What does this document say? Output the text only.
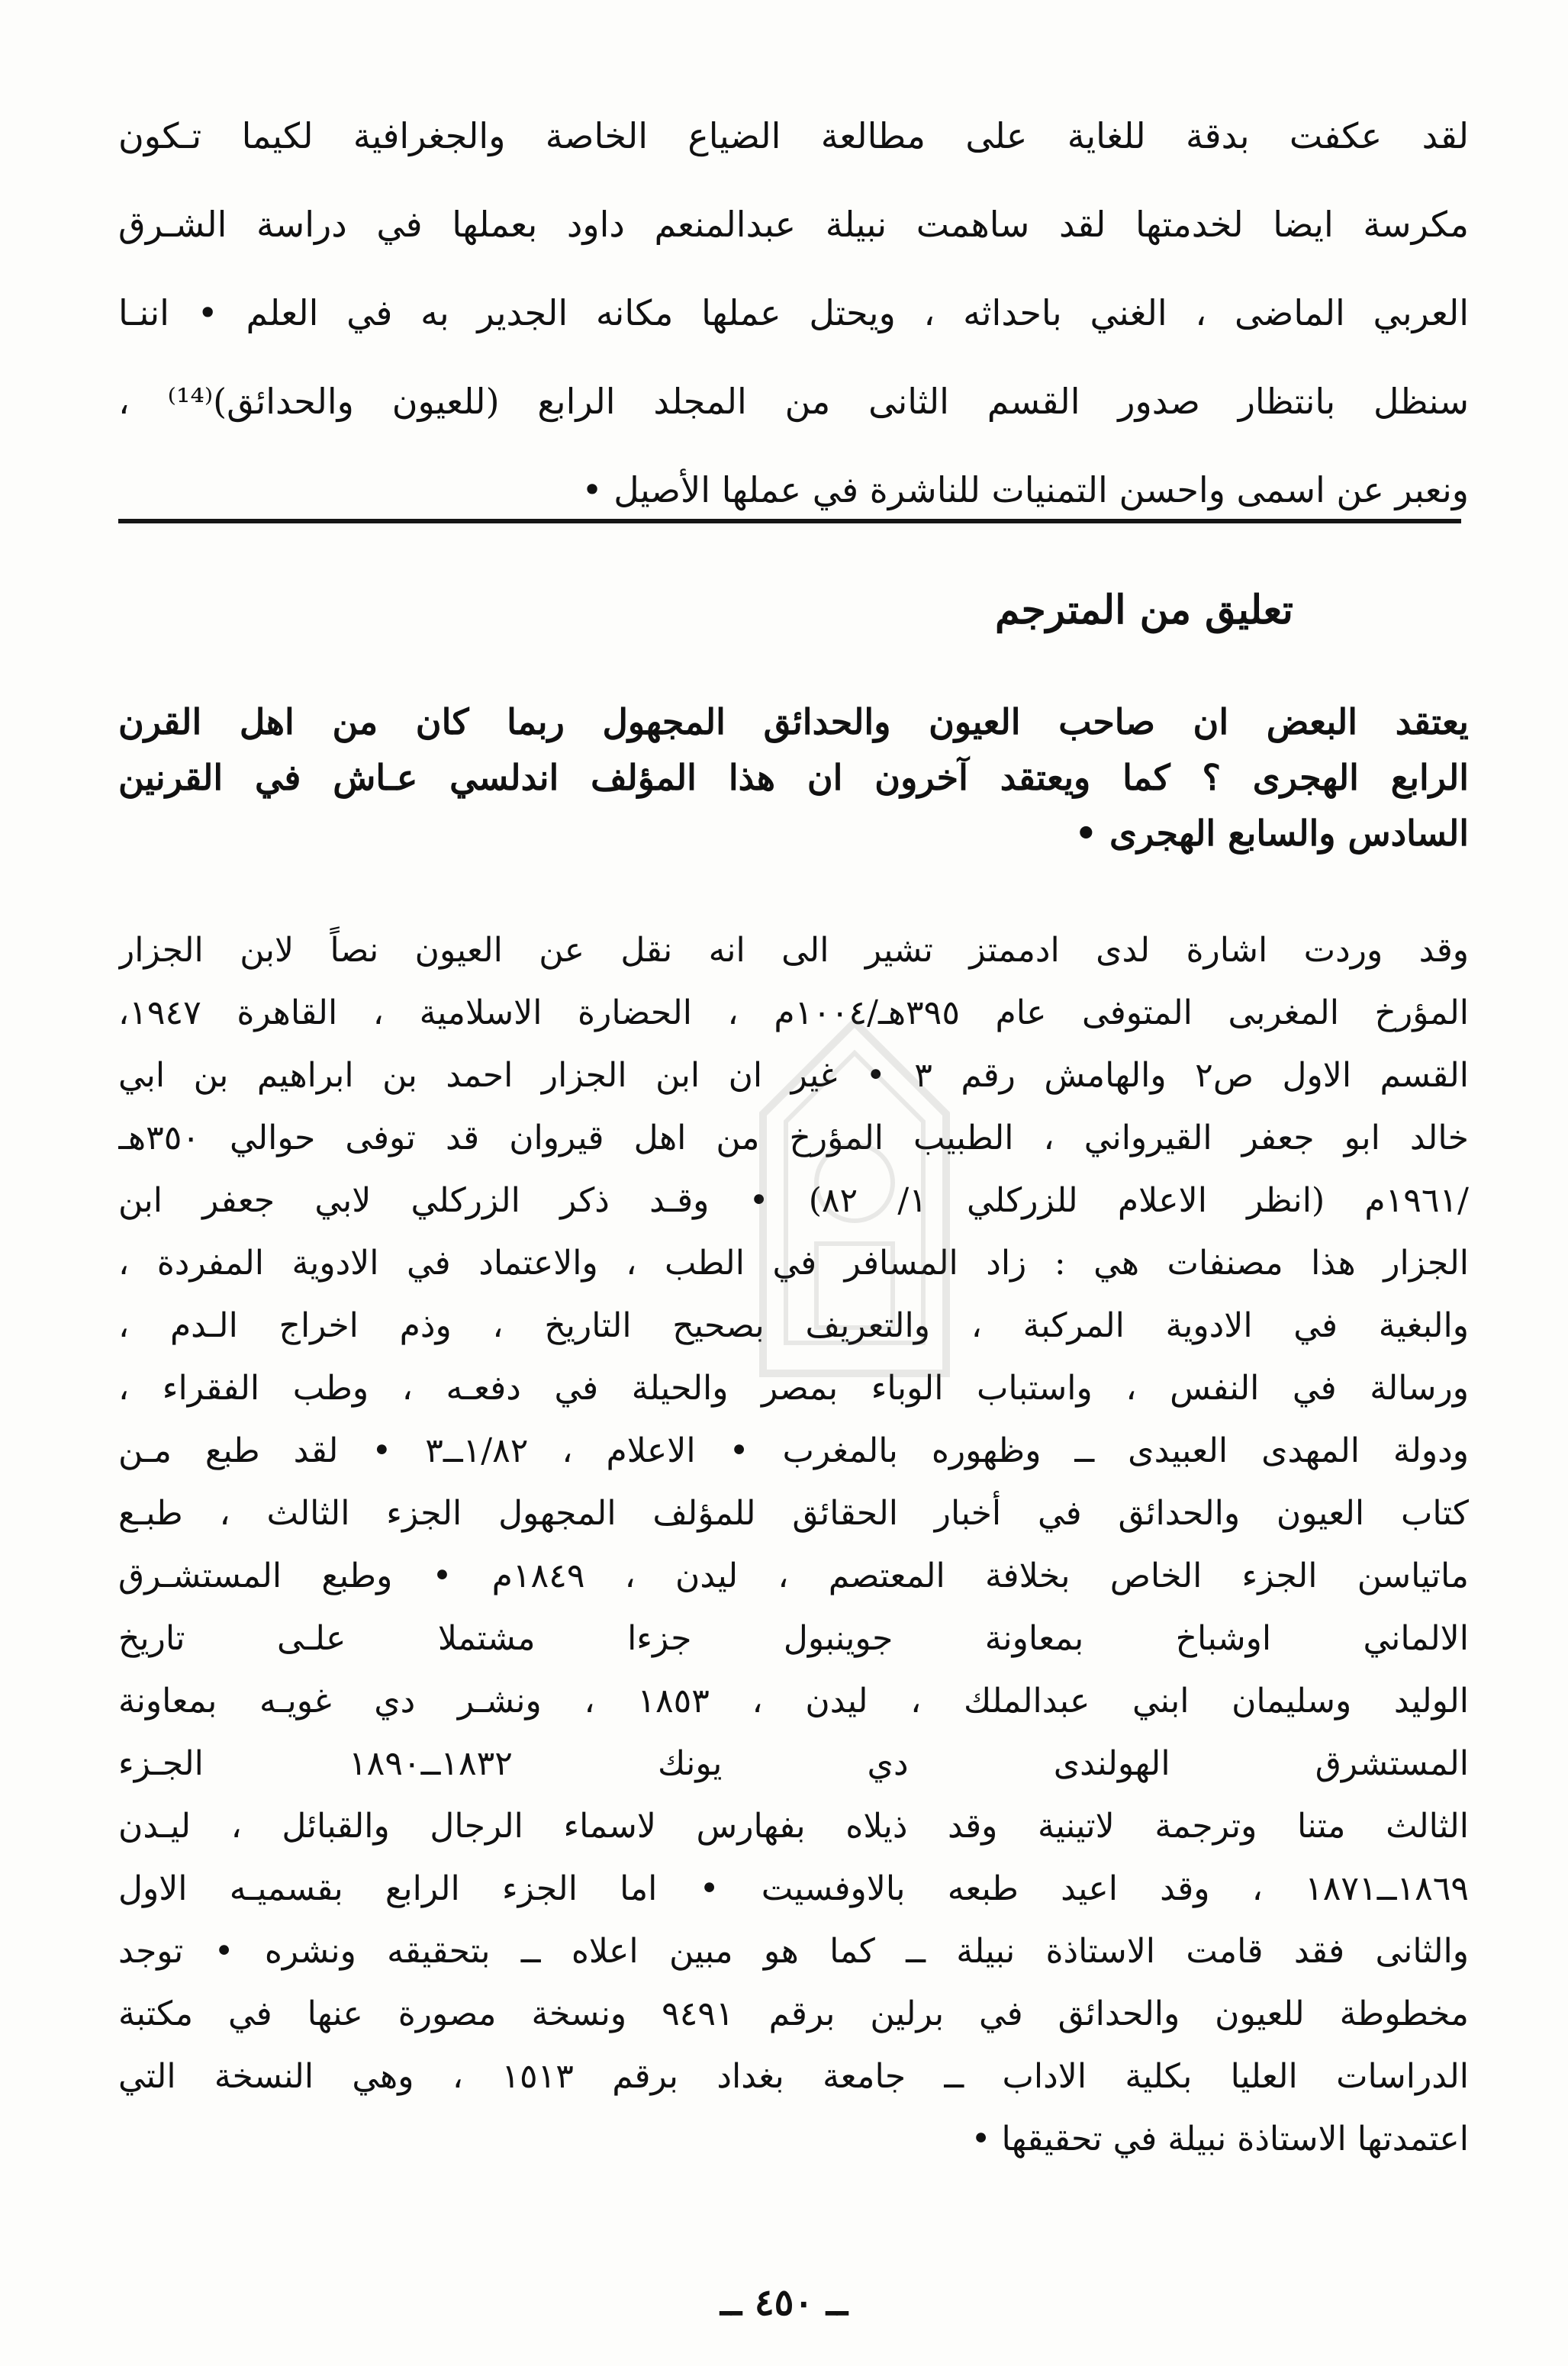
لقد عكفت بدقة للغاية على مطالعة الضياع الخاصة والجغرافية لكيما تـكون
مكرسة ايضا لخدمتها لقد ساهمت نبيلة عبدالمنعم داود بعملها في دراسة الشـرق
العربي الماضى ، الغني باحداثه ، ويحتل عملها مكانه الجدير به في العلم • اننـا
سنظل بانتظار صدور القسم الثانى من المجلد الرابع (للعيون والحدائق)⁽¹⁴⁾ ،
ونعبر عن اسمى واحسن التمنيات للناشرة في عملها الأصيل •
تعليق من المترجم
يعتقد البعض ان صاحب العيون والحدائق المجهول ربما كان من اهل القرن
الرابع الهجرى ؟ كما ويعتقد آخرون ان هذا المؤلف اندلسي عـاش في القرنين
السادس والسابع الهجرى •
وقد وردت اشارة لدى ادممتز تشير الى انه نقل عن العيون نصاً لابن الجزار
المؤرخ المغربى المتوفى عام ٣٩٥هـ/١٠٠٤م ، الحضارة الاسلامية ، القاهرة ١٩٤٧،
القسم الاول ص٢ والهامش رقم ٣ • غير ان ابن الجزار احمد بن ابراهيم بن ابي
خالد ابو جعفر القيرواني ، الطبيب المؤرخ من اهل قيروان قد توفى حوالي ٣٥٠هـ
/١٩٦١م (انظر الاعلام للزركلي ١/ ٨٢) • وقـد ذكر الزركلي لابي جعفر ابن
الجزار هذا مصنفات هي : زاد المسافر في الطب ، والاعتماد في الادوية المفردة ،
والبغية في الادوية المركبة ، والتعريف بصحيح التاريخ ، وذم اخراج الـدم ،
ورسالة في النفس ، واستباب الوباء بمصر والحيلة في دفعـه ، وطب الفقراء ،
ودولة المهدى العبيدى ــ وظهوره بالمغرب • الاعلام ، ١/٨٢ــ٣ • لقد طبع مـن
كتاب العيون والحدائق في أخبار الحقائق للمؤلف المجهول الجزء الثالث ، طبـع
ماتياسن الجزء الخاص بخلافة المعتصم ، ليدن ، ١٨٤٩م • وطبع المستشـرق
الالماني اوشباخ بمعاونة جوينبول جزءا مشتملا علـى تاريخ
الوليد وسليمان ابني عبدالملك ، ليدن ، ١٨٥٣ ، ونشـر دي غويـه بمعاونة
المستشرق الهولندى دي يونك ١٨٣٢ــ١٨٩٠ الجـزء
الثالث متنا وترجمة لاتينية وقد ذيلاه بفهارس لاسماء الرجال والقبائل ، ليـدن
١٨٦٩ــ١٨٧١ ، وقد اعيد طبعه بالاوفسيت • اما الجزء الرابع بقسميـه الاول
والثانى فقد قامت الاستاذة نبيلة ــ كما هو مبين اعلاه ــ بتحقيقه ونشره • توجد
مخطوطة للعيون والحدائق في برلين برقم ٩٤٩١ ونسخة مصورة عنها في مكتبة
الدراسات العليا بكلية الاداب ــ جامعة بغداد برقم ١٥١٣ ، وهي النسخة التي
اعتمدتها الاستاذة نبيلة في تحقيقها •
ــ ٤٥٠ ــ
